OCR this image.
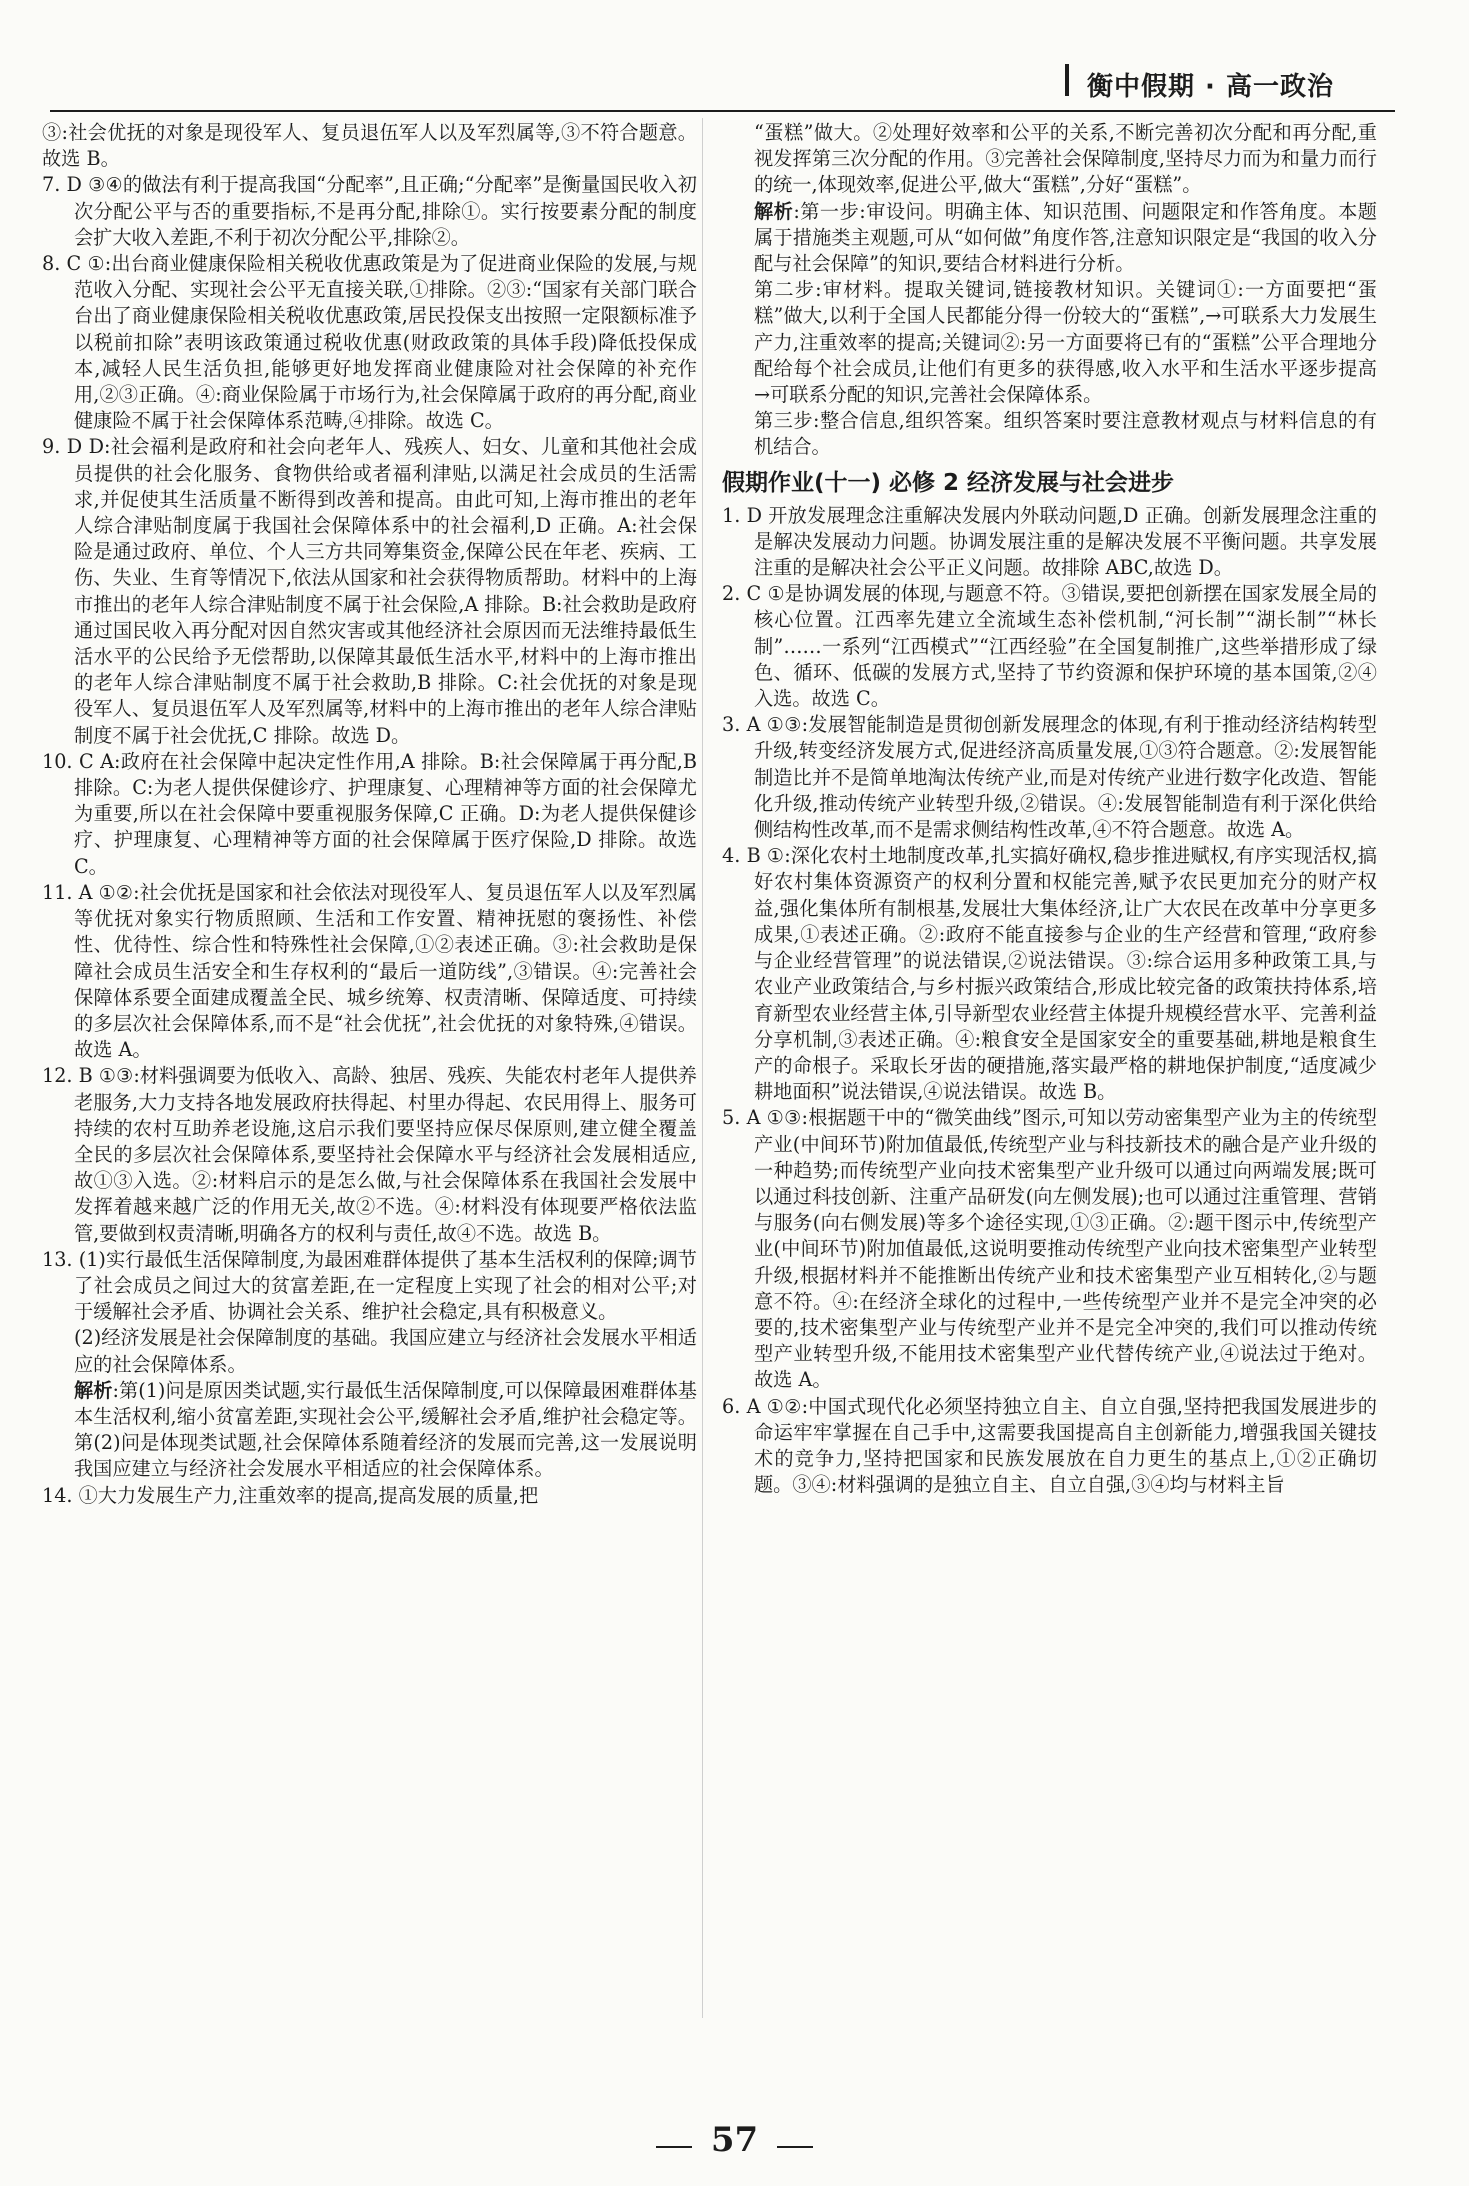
衡中假期 · 高一政治

③:社会优抚的对象是现役军人、复员退伍军人以及军烈属等,③不符合题意。故选 B。

7. D ③④的做法有利于提高我国“分配率”,且正确;“分配率”是衡量国民收入初次分配公平与否的重要指标,不是再分配,排除①。实行按要素分配的制度会扩大收入差距,不利于初次分配公平,排除②。

8. C ①:出台商业健康保险相关税收优惠政策是为了促进商业保险的发展,与规范收入分配、实现社会公平无直接关联,①排除。②③:“国家有关部门联合台出了商业健康保险相关税收优惠政策,居民投保支出按照一定限额标准予以税前扣除”表明该政策通过税收优惠(财政政策的具体手段)降低投保成本,减轻人民生活负担,能够更好地发挥商业健康险对社会保障的补充作用,②③正确。④:商业保险属于市场行为,社会保障属于政府的再分配,商业健康险不属于社会保障体系范畴,④排除。故选 C。

9. D D:社会福利是政府和社会向老年人、残疾人、妇女、儿童和其他社会成员提供的社会化服务、食物供给或者福利津贴,以满足社会成员的生活需求,并促使其生活质量不断得到改善和提高。由此可知,上海市推出的老年人综合津贴制度属于我国社会保障体系中的社会福利,D 正确。A:社会保险是通过政府、单位、个人三方共同筹集资金,保障公民在年老、疾病、工伤、失业、生育等情况下,依法从国家和社会获得物质帮助。材料中的上海市推出的老年人综合津贴制度不属于社会保险,A 排除。B:社会救助是政府通过国民收入再分配对因自然灾害或其他经济社会原因而无法维持最低生活水平的公民给予无偿帮助,以保障其最低生活水平,材料中的上海市推出的老年人综合津贴制度不属于社会救助,B 排除。C:社会优抚的对象是现役军人、复员退伍军人及军烈属等,材料中的上海市推出的老年人综合津贴制度不属于社会优抚,C 排除。故选 D。

10. C A:政府在社会保障中起决定性作用,A 排除。B:社会保障属于再分配,B 排除。C:为老人提供保健诊疗、护理康复、心理精神等方面的社会保障尤为重要,所以在社会保障中要重视服务保障,C 正确。D:为老人提供保健诊疗、护理康复、心理精神等方面的社会保障属于医疗保险,D 排除。故选 C。

11. A ①②:社会优抚是国家和社会依法对现役军人、复员退伍军人以及军烈属等优抚对象实行物质照顾、生活和工作安置、精神抚慰的褒扬性、补偿性、优待性、综合性和特殊性社会保障,①②表述正确。③:社会救助是保障社会成员生活安全和生存权利的“最后一道防线”,③错误。④:完善社会保障体系要全面建成覆盖全民、城乡统筹、权责清晰、保障适度、可持续的多层次社会保障体系,而不是“社会优抚”,社会优抚的对象特殊,④错误。故选 A。

12. B ①③:材料强调要为低收入、高龄、独居、残疾、失能农村老年人提供养老服务,大力支持各地发展政府扶得起、村里办得起、农民用得上、服务可持续的农村互助养老设施,这启示我们要坚持应保尽保原则,建立健全覆盖全民的多层次社会保障体系,要坚持社会保障水平与经济社会发展相适应,故①③入选。②:材料启示的是怎么做,与社会保障体系在我国社会发展中发挥着越来越广泛的作用无关,故②不选。④:材料没有体现要严格依法监管,要做到权责清晰,明确各方的权利与责任,故④不选。故选 B。

13. (1)实行最低生活保障制度,为最困难群体提供了基本生活权利的保障;调节了社会成员之间过大的贫富差距,在一定程度上实现了社会的相对公平;对于缓解社会矛盾、协调社会关系、维护社会稳定,具有积极意义。

(2)经济发展是社会保障制度的基础。我国应建立与经济社会发展水平相适应的社会保障体系。

解析:第(1)问是原因类试题,实行最低生活保障制度,可以保障最困难群体基本生活权利,缩小贫富差距,实现社会公平,缓解社会矛盾,维护社会稳定等。第(2)问是体现类试题,社会保障体系随着经济的发展而完善,这一发展说明我国应建立与经济社会发展水平相适应的社会保障体系。

14. ①大力发展生产力,注重效率的提高,提高发展的质量,把

“蛋糕”做大。②处理好效率和公平的关系,不断完善初次分配和再分配,重视发挥第三次分配的作用。③完善社会保障制度,坚持尽力而为和量力而行的统一,体现效率,促进公平,做大“蛋糕”,分好“蛋糕”。

解析:第一步:审设问。明确主体、知识范围、问题限定和作答角度。本题属于措施类主观题,可从“如何做”角度作答,注意知识限定是“我国的收入分配与社会保障”的知识,要结合材料进行分析。

第二步:审材料。提取关键词,链接教材知识。关键词①:一方面要把“蛋糕”做大,以利于全国人民都能分得一份较大的“蛋糕”,→可联系大力发展生产力,注重效率的提高;关键词②:另一方面要将已有的“蛋糕”公平合理地分配给每个社会成员,让他们有更多的获得感,收入水平和生活水平逐步提高→可联系分配的知识,完善社会保障体系。

第三步:整合信息,组织答案。组织答案时要注意教材观点与材料信息的有机结合。

假期作业(十一) 必修 2 经济发展与社会进步

1. D 开放发展理念注重解决发展内外联动问题,D 正确。创新发展理念注重的是解决发展动力问题。协调发展注重的是解决发展不平衡问题。共享发展注重的是解决社会公平正义问题。故排除 ABC,故选 D。

2. C ①是协调发展的体现,与题意不符。③错误,要把创新摆在国家发展全局的核心位置。江西率先建立全流域生态补偿机制,“河长制”“湖长制”“林长制”……一系列“江西模式”“江西经验”在全国复制推广,这些举措形成了绿色、循环、低碳的发展方式,坚持了节约资源和保护环境的基本国策,②④入选。故选 C。

3. A ①③:发展智能制造是贯彻创新发展理念的体现,有利于推动经济结构转型升级,转变经济发展方式,促进经济高质量发展,①③符合题意。②:发展智能制造比并不是简单地淘汰传统产业,而是对传统产业进行数字化改造、智能化升级,推动传统产业转型升级,②错误。④:发展智能制造有利于深化供给侧结构性改革,而不是需求侧结构性改革,④不符合题意。故选 A。

4. B ①:深化农村土地制度改革,扎实搞好确权,稳步推进赋权,有序实现活权,搞好农村集体资源资产的权利分置和权能完善,赋予农民更加充分的财产权益,强化集体所有制根基,发展壮大集体经济,让广大农民在改革中分享更多成果,①表述正确。②:政府不能直接参与企业的生产经营和管理,“政府参与企业经营管理”的说法错误,②说法错误。③:综合运用多种政策工具,与农业产业政策结合,与乡村振兴政策结合,形成比较完备的政策扶持体系,培育新型农业经营主体,引导新型农业经营主体提升规模经营水平、完善利益分享机制,③表述正确。④:粮食安全是国家安全的重要基础,耕地是粮食生产的命根子。采取长牙齿的硬措施,落实最严格的耕地保护制度,“适度减少耕地面积”说法错误,④说法错误。故选 B。

5. A ①③:根据题干中的“微笑曲线”图示,可知以劳动密集型产业为主的传统型产业(中间环节)附加值最低,传统型产业与科技新技术的融合是产业升级的一种趋势;而传统型产业向技术密集型产业升级可以通过向两端发展;既可以通过科技创新、注重产品研发(向左侧发展);也可以通过注重管理、营销与服务(向右侧发展)等多个途径实现,①③正确。②:题干图示中,传统型产业(中间环节)附加值最低,这说明要推动传统型产业向技术密集型产业转型升级,根据材料并不能推断出传统产业和技术密集型产业互相转化,②与题意不符。④:在经济全球化的过程中,一些传统型产业并不是完全冲突的必要的,技术密集型产业与传统型产业并不是完全冲突的,我们可以推动传统型产业转型升级,不能用技术密集型产业代替传统产业,④说法过于绝对。故选 A。

6. A ①②:中国式现代化必须坚持独立自主、自立自强,坚持把我国发展进步的命运牢牢掌握在自己手中,这需要我国提高自主创新能力,增强我国关键技术的竞争力,坚持把国家和民族发展放在自力更生的基点上,①②正确切题。③④:材料强调的是独立自主、自立自强,③④均与材料主旨

57
